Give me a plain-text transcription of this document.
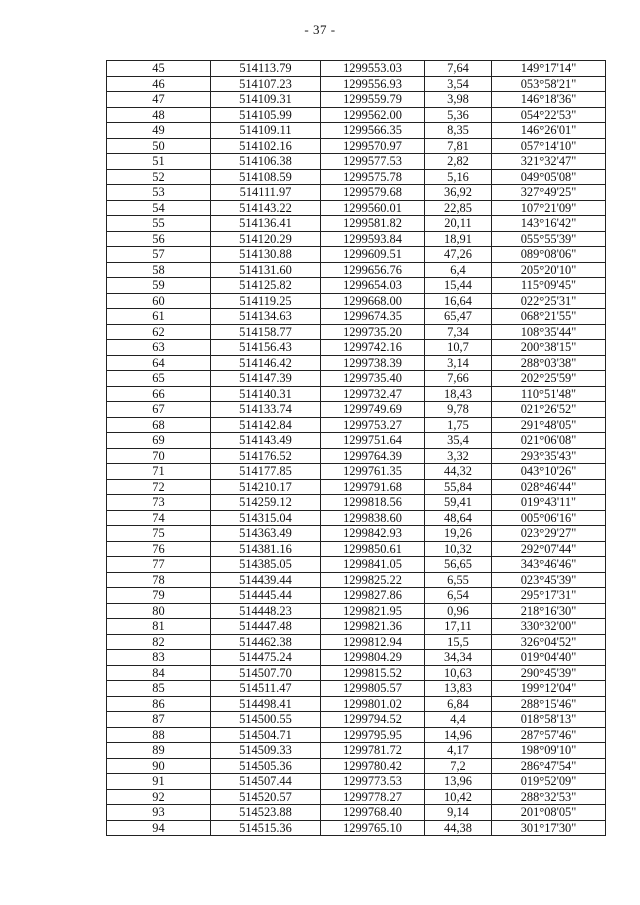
- 37 -
45	514113.79	1299553.03	7,64	149°17'14"
46	514107.23	1299556.93	3,54	053°58'21"
47	514109.31	1299559.79	3,98	146°18'36"
48	514105.99	1299562.00	5,36	054°22'53"
49	514109.11	1299566.35	8,35	146°26'01"
50	514102.16	1299570.97	7,81	057°14'10"
51	514106.38	1299577.53	2,82	321°32'47"
52	514108.59	1299575.78	5,16	049°05'08"
53	514111.97	1299579.68	36,92	327°49'25"
54	514143.22	1299560.01	22,85	107°21'09"
55	514136.41	1299581.82	20,11	143°16'42"
56	514120.29	1299593.84	18,91	055°55'39"
57	514130.88	1299609.51	47,26	089°08'06"
58	514131.60	1299656.76	6,4	205°20'10"
59	514125.82	1299654.03	15,44	115°09'45"
60	514119.25	1299668.00	16,64	022°25'31"
61	514134.63	1299674.35	65,47	068°21'55"
62	514158.77	1299735.20	7,34	108°35'44"
63	514156.43	1299742.16	10,7	200°38'15"
64	514146.42	1299738.39	3,14	288°03'38"
65	514147.39	1299735.40	7,66	202°25'59"
66	514140.31	1299732.47	18,43	110°51'48"
67	514133.74	1299749.69	9,78	021°26'52"
68	514142.84	1299753.27	1,75	291°48'05"
69	514143.49	1299751.64	35,4	021°06'08"
70	514176.52	1299764.39	3,32	293°35'43"
71	514177.85	1299761.35	44,32	043°10'26"
72	514210.17	1299791.68	55,84	028°46'44"
73	514259.12	1299818.56	59,41	019°43'11"
74	514315.04	1299838.60	48,64	005°06'16"
75	514363.49	1299842.93	19,26	023°29'27"
76	514381.16	1299850.61	10,32	292°07'44"
77	514385.05	1299841.05	56,65	343°46'46"
78	514439.44	1299825.22	6,55	023°45'39"
79	514445.44	1299827.86	6,54	295°17'31"
80	514448.23	1299821.95	0,96	218°16'30"
81	514447.48	1299821.36	17,11	330°32'00"
82	514462.38	1299812.94	15,5	326°04'52"
83	514475.24	1299804.29	34,34	019°04'40"
84	514507.70	1299815.52	10,63	290°45'39"
85	514511.47	1299805.57	13,83	199°12'04"
86	514498.41	1299801.02	6,84	288°15'46"
87	514500.55	1299794.52	4,4	018°58'13"
88	514504.71	1299795.95	14,96	287°57'46"
89	514509.33	1299781.72	4,17	198°09'10"
90	514505.36	1299780.42	7,2	286°47'54"
91	514507.44	1299773.53	13,96	019°52'09"
92	514520.57	1299778.27	10,42	288°32'53"
93	514523.88	1299768.40	9,14	201°08'05"
94	514515.36	1299765.10	44,38	301°17'30"
